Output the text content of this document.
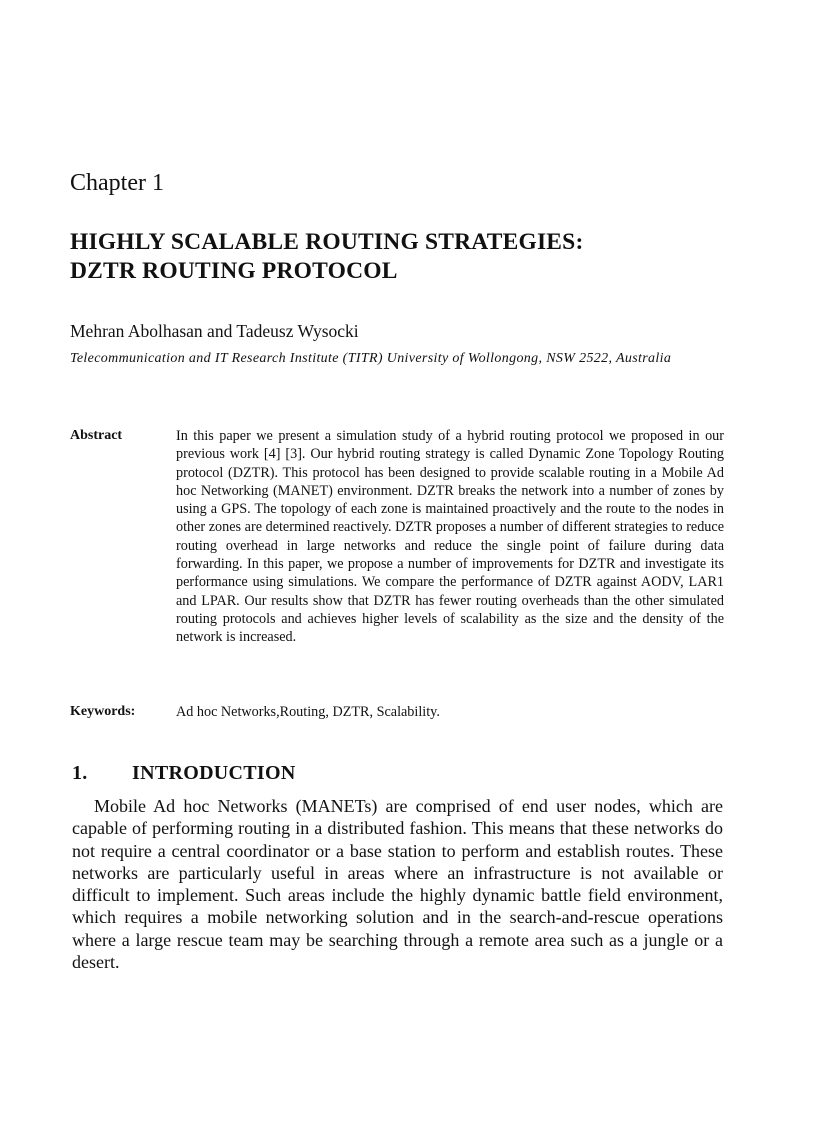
Chapter 1
HIGHLY SCALABLE ROUTING STRATEGIES:
DZTR ROUTING PROTOCOL

Mehran Abolhasan and Tadeusz Wysocki

Telecommunication and IT Research Institute (TITR) University of Wollongong, NSW 2522, Australia

Abstract	In this paper we present a simulation study of a hybrid routing protocol we proposed in our previous work [4] [3]. Our hybrid routing strategy is called Dynamic Zone Topology Routing protocol (DZTR). This protocol has been designed to provide scalable routing in a Mobile Ad hoc Networking (MANET) environment. DZTR breaks the network into a number of zones by using a GPS. The topology of each zone is maintained proactively and the route to the nodes in other zones are determined reactively. DZTR proposes a number of different strategies to reduce routing overhead in large networks and reduce the single point of failure during data forwarding. In this paper, we propose a number of improvements for DZTR and investigate its performance using simulations. We compare the performance of DZTR against AODV, LAR1 and LPAR. Our results show that DZTR has fewer routing overheads than the other simulated routing protocols and achieves higher levels of scalability as the size and the density of the network is increased.

Keywords:	Ad hoc Networks,Routing, DZTR, Scalability.

1. INTRODUCTION

Mobile Ad hoc Networks (MANETs) are comprised of end user nodes, which are capable of performing routing in a distributed fashion. This means that these networks do not require a central coordinator or a base station to perform and establish routes. These networks are particularly useful in areas where an infrastructure is not available or difficult to implement. Such areas include the highly dynamic battle field environment, which requires a mobile networking solution and in the search-and-rescue operations where a large rescue team may be searching through a remote area such as a jungle or a desert.
